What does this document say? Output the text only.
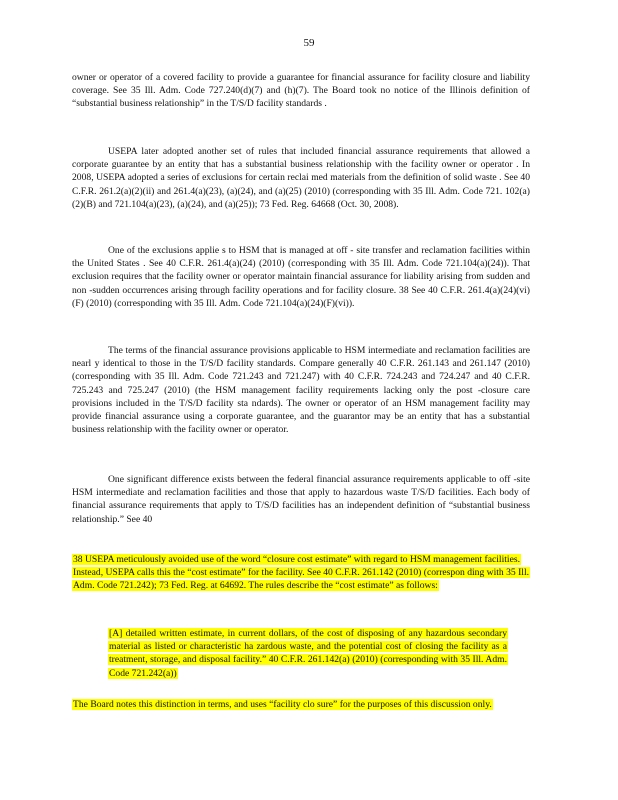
59

owner or operator of a covered facility to provide a guarantee for financial assurance for facility closure and liability coverage. See 35 Ill. Adm. Code 727.240(d)(7) and (h)(7). The Board took no notice of the Illinois definition of “substantial business relationship” in the T/S/D facility standards .

USEPA later adopted another set of rules that included financial assurance requirements that allowed a corporate guarantee by an entity that has a substantial business relationship with the facility owner or operator . In 2008, USEPA adopted a series of exclusions for certain reclai med materials from the definition of solid waste . See 40 C.F.R. 261.2(a)(2)(ii) and 261.4(a)(23), (a)(24), and (a)(25) (2010) (corresponding with 35 Ill. Adm. Code 721. 102(a)(2)(B) and 721.104(a)(23), (a)(24), and (a)(25)); 73 Fed. Reg. 64668 (Oct. 30, 2008).

One of the exclusions applie s to HSM that is managed at off - site transfer and reclamation facilities within the United States . See 40 C.F.R. 261.4(a)(24) (2010) (corresponding with 35 Ill. Adm. Code 721.104(a)(24)). That exclusion requires that the facility owner or operator maintain financial assurance for liability arising from sudden and non -sudden occurrences arising through facility operations and for facility closure. 38 See 40 C.F.R. 261.4(a)(24)(vi)(F) (2010) (corresponding with 35 Ill. Adm. Code 721.104(a)(24)(F)(vi)).

The terms of the financial assurance provisions applicable to HSM intermediate and reclamation facilities are nearl y identical to those in the T/S/D facility standards. Compare generally 40 C.F.R. 261.143 and 261.147 (2010) (corresponding with 35 Ill. Adm. Code 721.243 and 721.247) with 40 C.F.R. 724.243 and 724.247 and 40 C.F.R. 725.243 and 725.247 (2010) (the HSM management facility requirements lacking only the post -closure care provisions included in the T/S/D facility sta ndards). The owner or operator of an HSM management facility may provide financial assurance using a corporate guarantee, and the guarantor may be an entity that has a substantial business relationship with the facility owner or operator.

One significant difference exists between the federal financial assurance requirements applicable to off -site HSM intermediate and reclamation facilities and those that apply to hazardous waste T/S/D facilities. Each body of financial assurance requirements that apply to T/S/D facilities has an independent definition of “substantial business relationship.” See 40

38 USEPA meticulously avoided use of the word “closure cost estimate” with regard to HSM management facilities. Instead, USEPA calls this the “cost estimate” for the facility. See 40 C.F.R. 261.142 (2010) (correspon ding with 35 Ill. Adm. Code 721.242); 73 Fed. Reg. at 64692. The rules describe the “cost estimate” as follows:
[A] detailed written estimate, in current dollars, of the cost of disposing of any hazardous secondary material as listed or characteristic ha zardous waste, and the potential cost of closing the facility as a treatment, storage, and disposal facility.” 40 C.F.R. 261.142(a) (2010) (corresponding with 35 Ill. Adm. Code 721.242(a))
The Board notes this distinction in terms, and uses “facility clo sure” for the purposes of this discussion only.
